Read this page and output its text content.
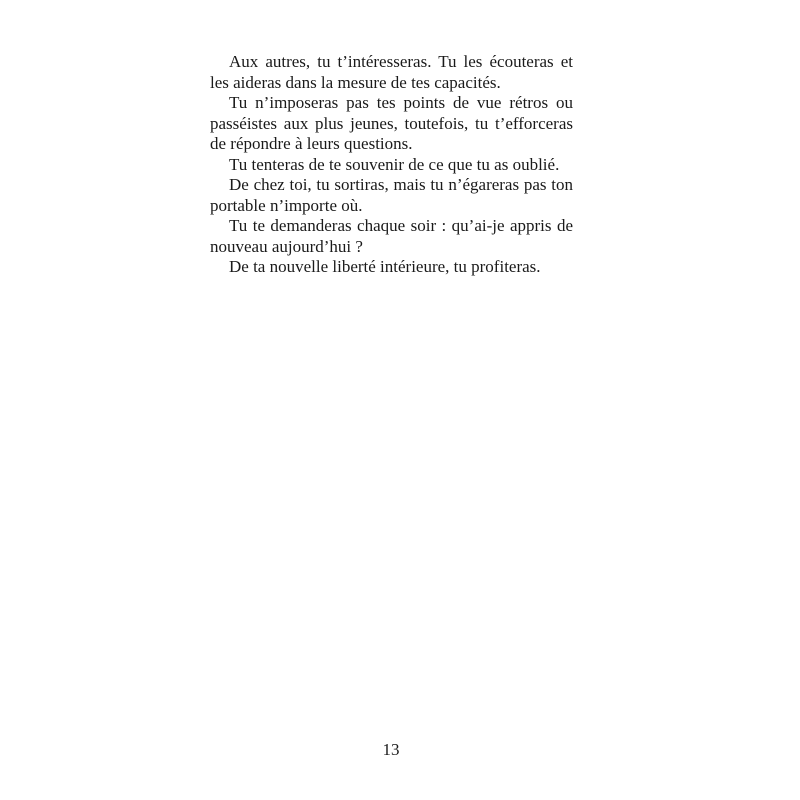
Aux autres, tu t’intéresseras. Tu les écouteras et les aideras dans la mesure de tes capacités.

Tu n’imposeras pas tes points de vue rétros ou passéistes aux plus jeunes, toutefois, tu t’efforceras de répondre à leurs questions.

Tu tenteras de te souvenir de ce que tu as oublié.

De chez toi, tu sortiras, mais tu n’égareras pas ton portable n’importe où.

Tu te demanderas chaque soir : qu’ai-je appris de nouveau aujourd’hui ?

De ta nouvelle liberté intérieure, tu profiteras.

13
